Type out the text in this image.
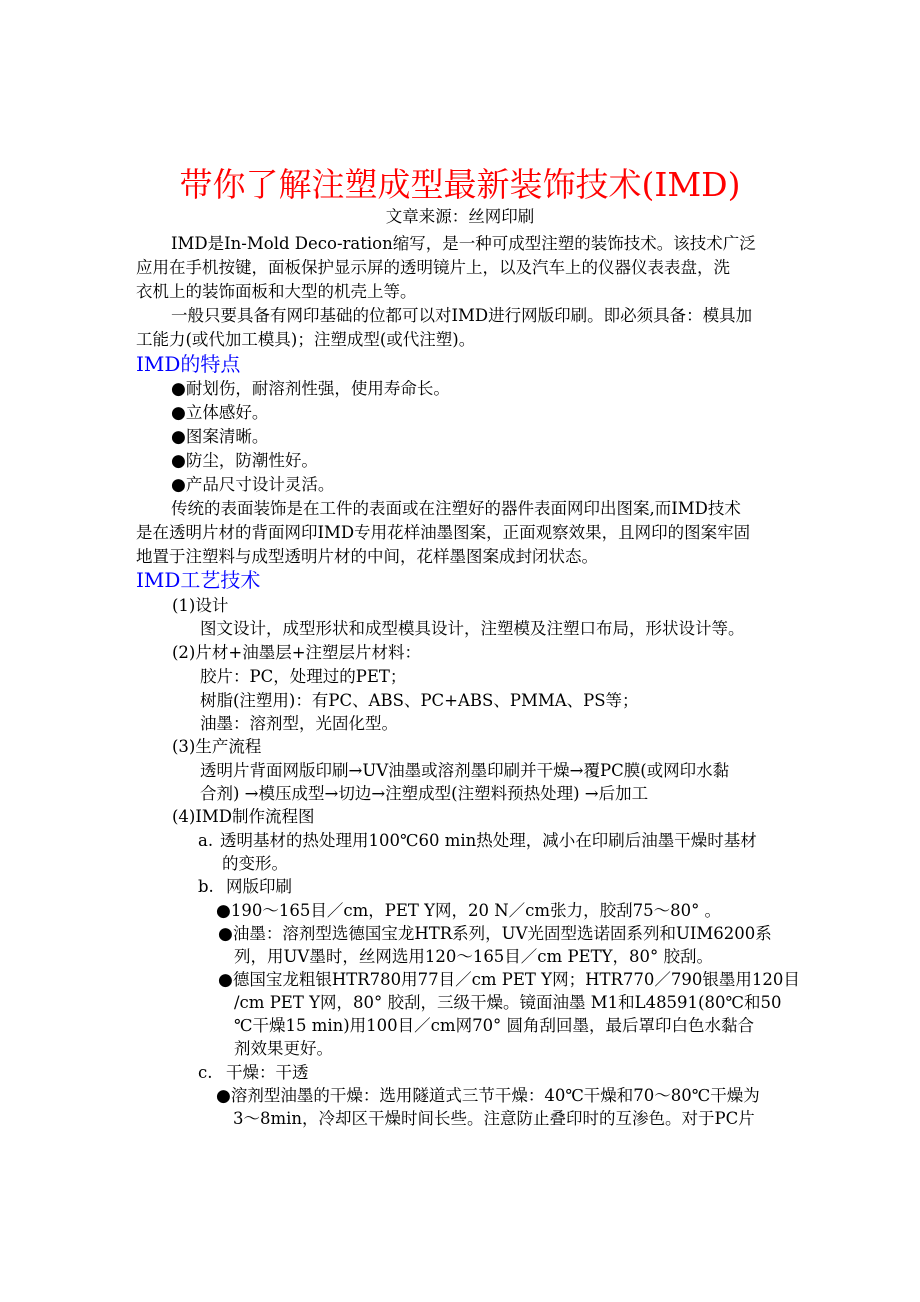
带你了解注塑成型最新装饰技术(IMD)
文章来源：丝网印刷
IMD是In-Mold Deco-ration缩写，是一种可成型注塑的装饰技术。该技术广泛
应用在手机按键，面板保护显示屏的透明镜片上，以及汽车上的仪器仪表表盘，洗
衣机上的装饰面板和大型的机壳上等。
一般只要具备有网印基础的位都可以对IMD进行网版印刷。即必须具备：模具加
工能力(或代加工模具)；注塑成型(或代注塑)。
IMD的特点
●耐划伤，耐溶剂性强，使用寿命长。
●立体感好。
●图案清晰。
●防尘，防潮性好。
●产品尺寸设计灵活。
传统的表面装饰是在工件的表面或在注塑好的器件表面网印出图案,而IMD技术
是在透明片材的背面网印IMD专用花样油墨图案，正面观察效果，且网印的图案牢固
地置于注塑料与成型透明片材的中间，花样墨图案成封闭状态。
IMD工艺技术
(1)设计
图文设计，成型形状和成型模具设计，注塑模及注塑口布局，形状设计等。
(2)片材+油墨层+注塑层片材料：
胶片：PC，处理过的PET；
树脂(注塑用)：有PC、ABS、PC+ABS、PMMA、PS等；
油墨：溶剂型，光固化型。
(3)生产流程
透明片背面网版印刷→UV油墨或溶剂墨印刷并干燥→覆PC膜(或网印水黏
合剂) →模压成型→切边→注塑成型(注塑料预热处理) →后加工
(4)IMD制作流程图
a. 透明基材的热处理用100℃60 min热处理，减小在印刷后油墨干燥时基材
的变形。
b. 网版印刷
●190～165目／cm，PET Y网，20 N／cm张力，胶刮75～80° 。
●油墨：溶剂型选德国宝龙HTR系列，UV光固型选诺固系列和UIM6200系
列，用UV墨时，丝网选用120～165目／cm PETY，80° 胶刮。
●德国宝龙粗银HTR780用77目／cm PET Y网；HTR770／790银墨用120目
/cm PET Y网，80° 胶刮，三级干燥。镜面油墨 M1和L48591(80℃和50
℃干燥15 min)用100目／cm网70° 圆角刮回墨，最后罩印白色水黏合
剂效果更好。
c. 干燥：干透
●溶剂型油墨的干燥：选用隧道式三节干燥：40℃干燥和70～80℃干燥为
3～8min，冷却区干燥时间长些。注意防止叠印时的互渗色。对于PC片
